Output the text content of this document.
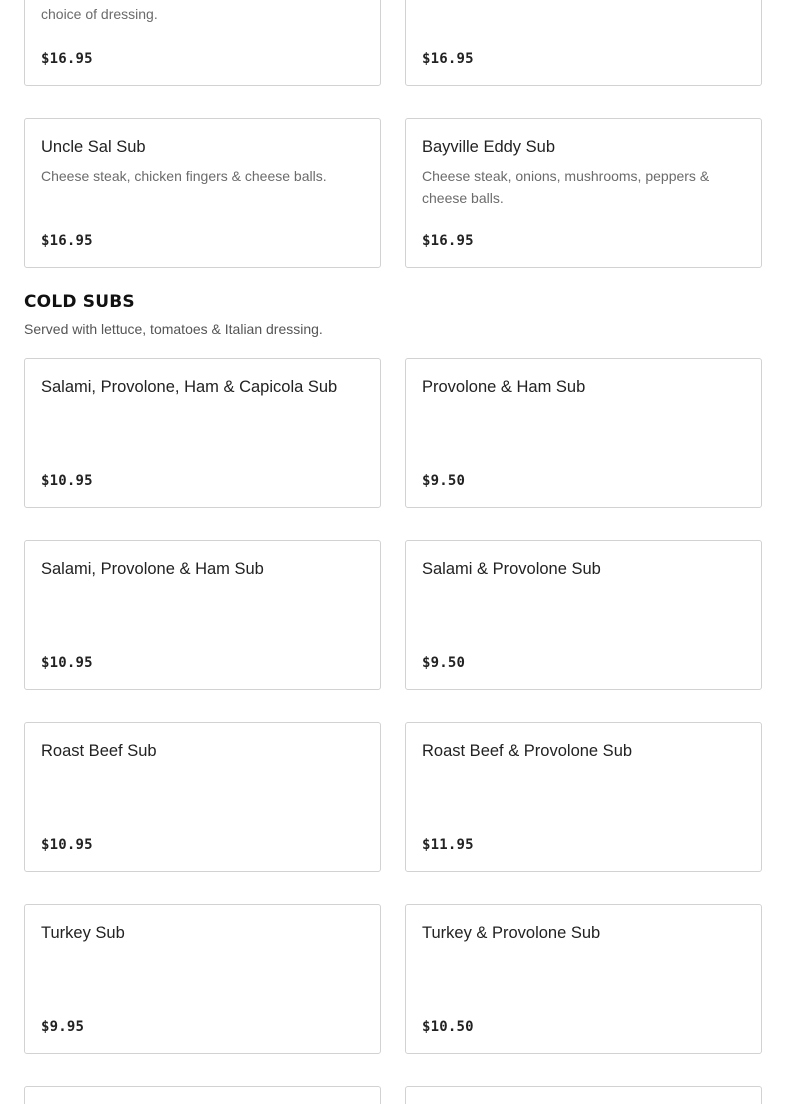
choice of dressing.
$16.95	$16.95
Uncle Sal Sub
Cheese steak, chicken fingers & cheese balls.
$16.95
Bayville Eddy Sub
Cheese steak, onions, mushrooms, peppers & cheese balls.
$16.95
COLD SUBS

Served with lettuce, tomatoes & Italian dressing.

Salami, Provolone, Ham & Capicola Sub
$10.95
Provolone & Ham Sub
$9.50
Salami, Provolone & Ham Sub
$10.95
Salami & Provolone Sub
$9.50
Roast Beef Sub
$10.95
Roast Beef & Provolone Sub
$11.95
Turkey Sub
$9.95
Turkey & Provolone Sub
$10.50
